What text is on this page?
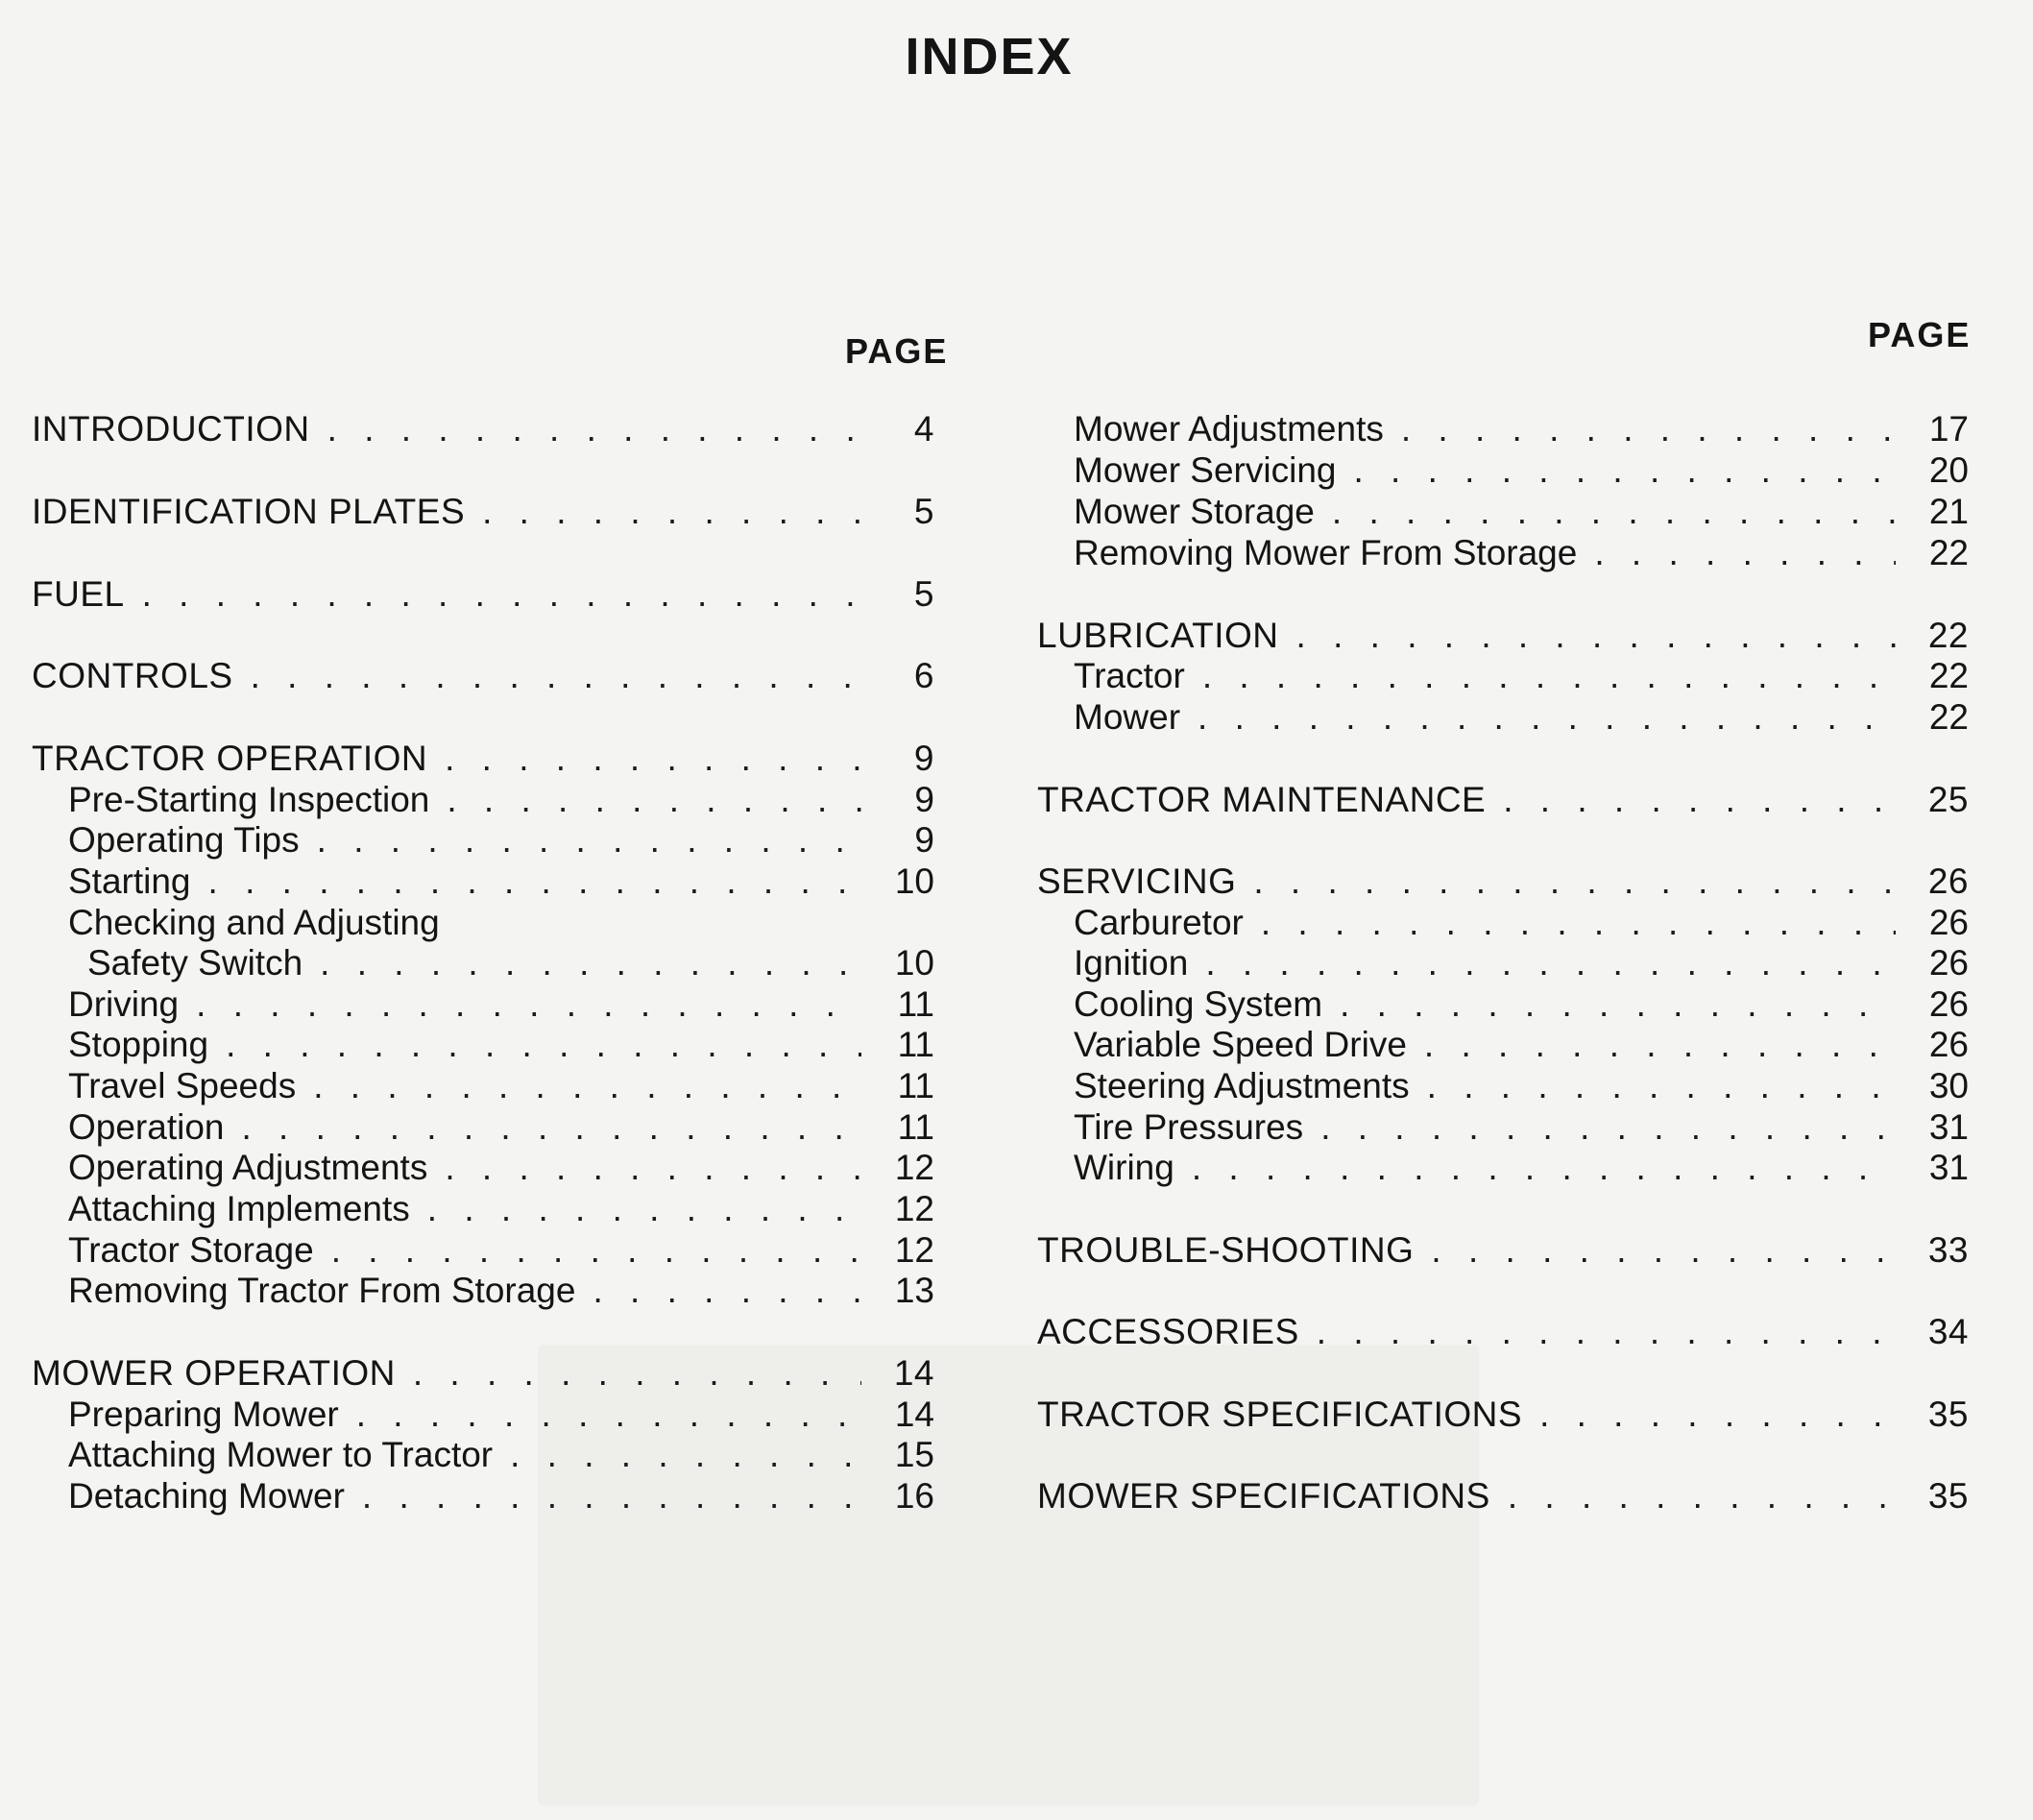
INDEX
PAGE	PAGE
INTRODUCTION . . .	4
IDENTIFICATION PLATES . . .	5
FUEL . . .	5
CONTROLS . . .	6
TRACTOR OPERATION . . .	9
Pre-Starting Inspection . . .	9
Operating Tips . . .	9
Starting . . .	10
Checking and Adjusting
Safety Switch . . .	10
Driving . . .	11
Stopping . . .	11
Travel Speeds . . .	11
Operation . . .	11
Operating Adjustments . . .	12
Attaching Implements . . .	12
Tractor Storage . . .	12
Removing Tractor From Storage . . .	13
MOWER OPERATION . . .	14
Preparing Mower . . .	14
Attaching Mower to Tractor . . .	15
Detaching Mower . . .	16
Mower Adjustments . . .	17
Mower Servicing . . .	20
Mower Storage . . .	21
Removing Mower From Storage . . .	22
LUBRICATION . . .	22
Tractor . . .	22
Mower . . .	22
TRACTOR MAINTENANCE . . .	25
SERVICING . . .	26
Carburetor . . .	26
Ignition . . .	26
Cooling System . . .	26
Variable Speed Drive . . .	26
Steering Adjustments . . .	30
Tire Pressures . . .	31
Wiring . . .	31
TROUBLE-SHOOTING . . .	33
ACCESSORIES . . .	34
TRACTOR SPECIFICATIONS . . .	35
MOWER SPECIFICATIONS . . .	35
